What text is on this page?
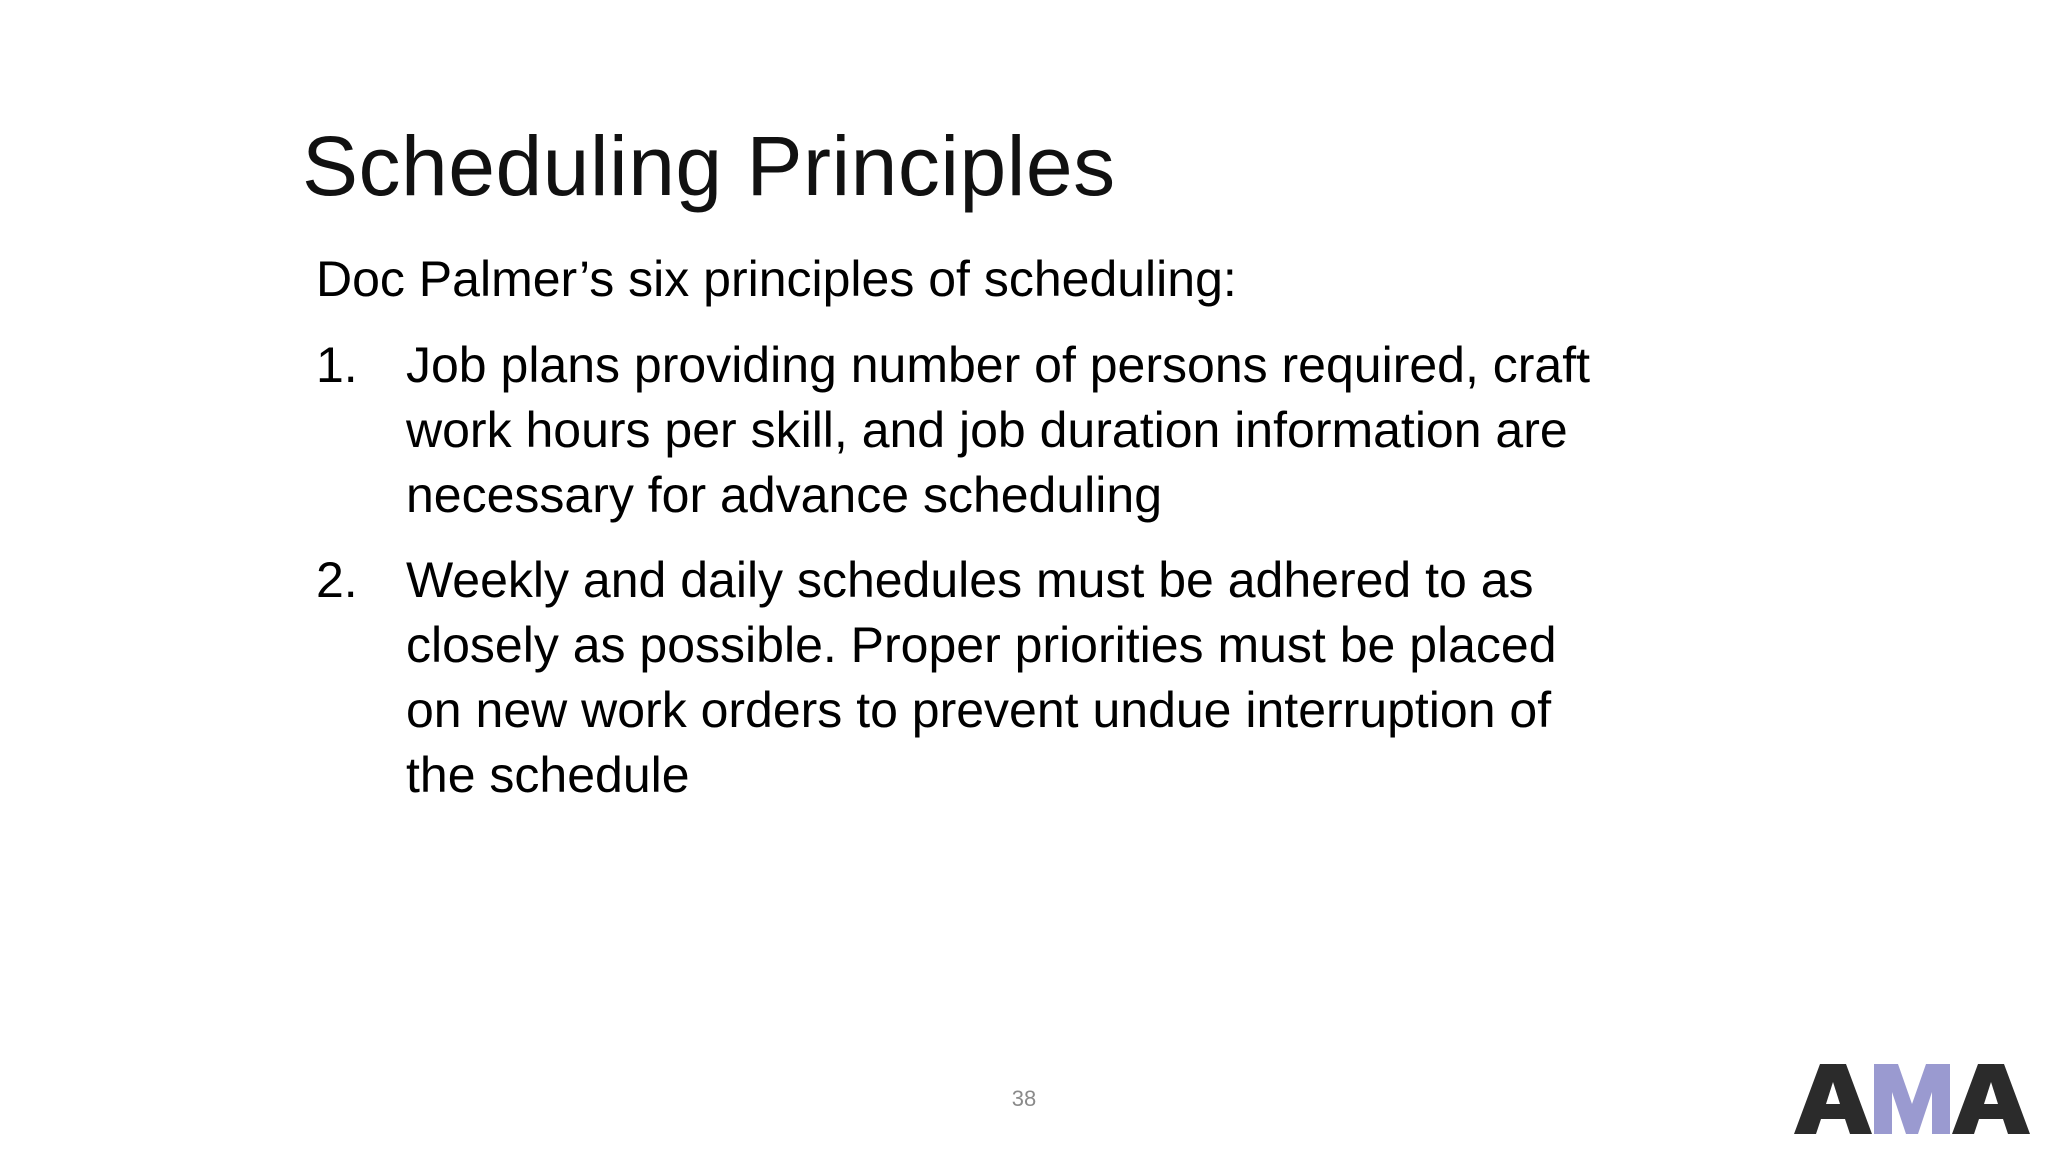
Scheduling Principles

Doc Palmer’s six principles of scheduling:

1. Job plans providing number of persons required, craft
work hours per skill, and job duration information are
necessary for advance scheduling
2. Weekly and daily schedules must be adhered to as
closely as possible. Proper priorities must be placed
on new work orders to prevent undue interruption of
the schedule
38
